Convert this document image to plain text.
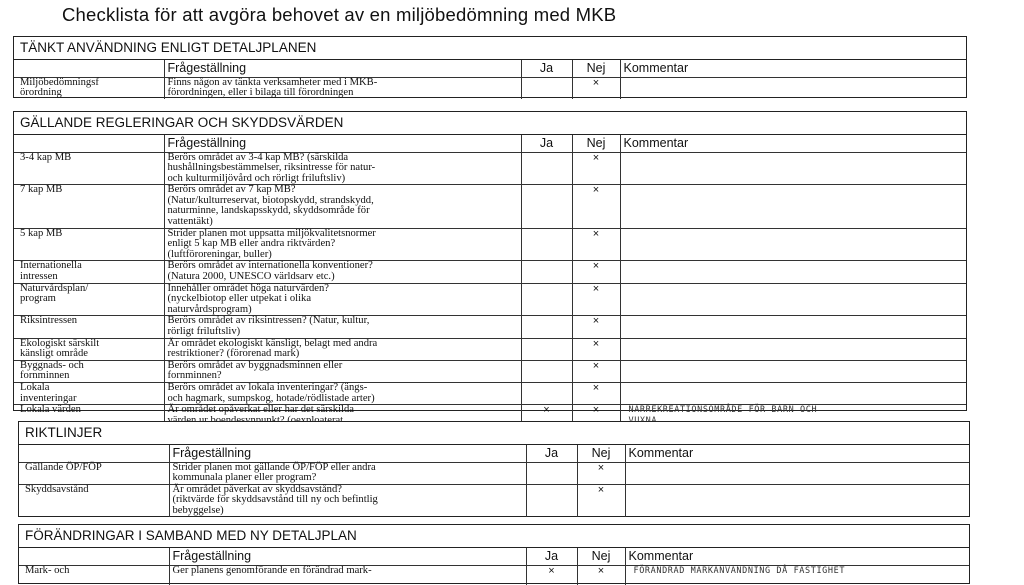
Checklista för att avgöra behovet av en miljöbedömning med MKB
TÄNKT ANVÄNDNING ENLIGT DETALJPLANEN
	Frågeställning	Ja	Nej	Kommentar
Miljöbedömningsf
örordning	Finns någon av tänkta verksamheter med i MKB-
förordningen, eller i bilaga till förordningen		×	
GÄLLANDE REGLERINGAR OCH SKYDDSVÄRDEN
	Frågeställning	Ja	Nej	Kommentar
3-4 kap MB	Berörs området av 3-4 kap MB? (särskilda
hushållningsbestämmelser, riksintresse för natur-
och kulturmiljövård och rörligt friluftsliv)		×	
7 kap MB	Berörs området av 7 kap MB?
(Natur/kulturreservat, biotopskydd, strandskydd,
naturminne, landskapsskydd, skyddsområde för
vattentäkt)		×	
5 kap MB	Strider planen mot uppsatta miljökvalitetsnormer
enligt 5 kap MB eller andra riktvärden?
(luftföroreningar, buller)		×	
Internationella
intressen	Berörs området av internationella konventioner?
(Natura 2000, UNESCO världsarv etc.)		×	
Naturvårdsplan/
program	Innehåller området höga naturvärden?
(nyckelbiotop eller utpekat i olika
naturvårdsprogram)		×	
Riksintressen	Berörs området av riksintressen? (Natur, kultur,
rörligt friluftsliv)		×	
Ekologiskt särskilt
känsligt område	Är området ekologiskt känsligt, belagt med andra
restriktioner? (förorenad mark)		×	
Byggnads- och
fornminnen	Berörs området av byggnadsminnen eller
fornminnen?		×	
Lokala
inventeringar	Berörs området av lokala inventeringar? (ängs-
och hagmark, sumpskog, hotade/rödlistade arter)		×	
Lokala värden	Är området opåverkat eller har det särskilda	×	×	NÄRREKREATIONSOMRÅDE FÖR BARN OCH

RIKTLINJER
	Frågeställning	Ja	Nej	Kommentar
Gällande ÖP/FÖP	Strider planen mot gällande ÖP/FÖP eller andra
kommunala planer eller program?		×	
Skyddsavstånd	Är området påverkat av skyddsavstånd?
(riktvärde för skyddsavstånd till ny och befintlig
bebyggelse)		×	
FÖRÄNDRINGAR I SAMBAND MED NY DETALJPLAN
	Frågeställning	Ja	Nej	Kommentar
Mark- och	Ger planens genomförande en förändrad mark-	×	×	FÖRÄNDRAD MARKANVÄNDNING DÅ FASTIGHET
